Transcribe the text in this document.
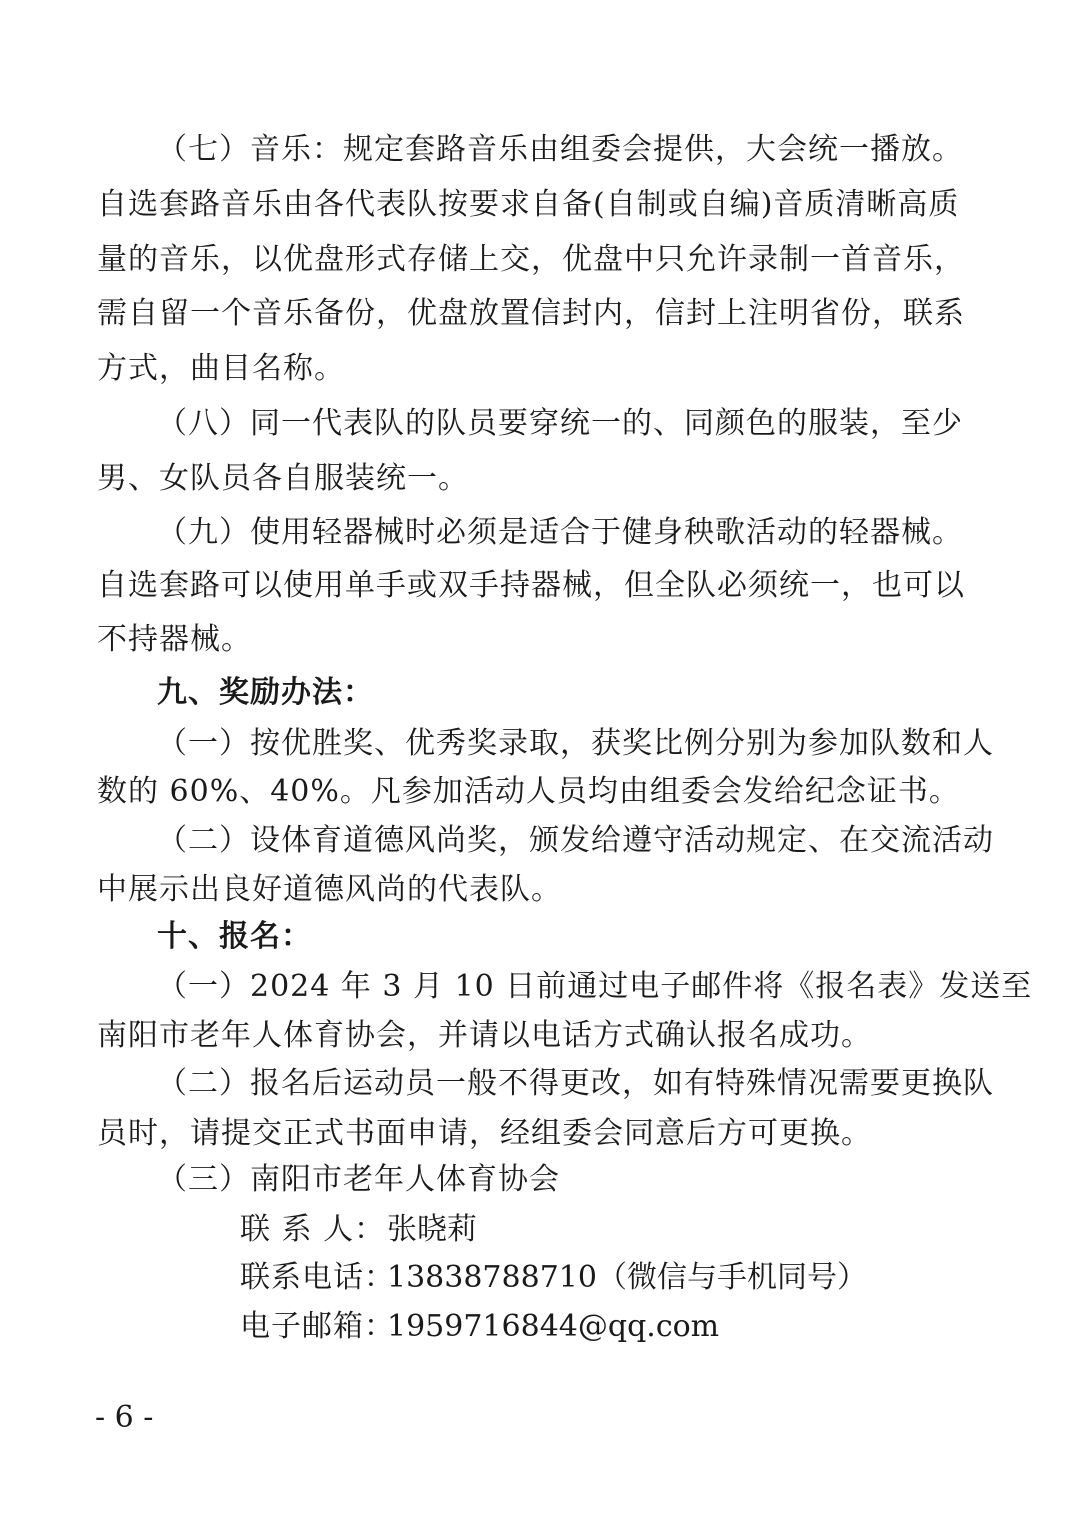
（七）音乐：规定套路音乐由组委会提供，大会统一播放。
自选套路音乐由各代表队按要求自备(自制或自编)音质清晰高质
量的音乐，以优盘形式存储上交，优盘中只允许录制一首音乐，
需自留一个音乐备份，优盘放置信封内，信封上注明省份，联系
方式，曲目名称。
（八）同一代表队的队员要穿统一的、同颜色的服装，至少
男、女队员各自服装统一。
（九）使用轻器械时必须是适合于健身秧歌活动的轻器械。
自选套路可以使用单手或双手持器械，但全队必须统一，也可以
不持器械。
九、奖励办法：
（一）按优胜奖、优秀奖录取，获奖比例分别为参加队数和人
数的 60%、40%。凡参加活动人员均由组委会发给纪念证书。
（二）设体育道德风尚奖，颁发给遵守活动规定、在交流活动
中展示出良好道德风尚的代表队。
十、报名：
（一）2024 年 3 月 10 日前通过电子邮件将《报名表》发送至
南阳市老年人体育协会，并请以电话方式确认报名成功。
（二）报名后运动员一般不得更改，如有特殊情况需要更换队
员时，请提交正式书面申请，经组委会同意后方可更换。
（三）南阳市老年人体育协会
联 系 人： 张晓莉
联系电话：
13838788710（微信与手机同号）
电子邮箱：
1959716844@qq.com
- 6 -
